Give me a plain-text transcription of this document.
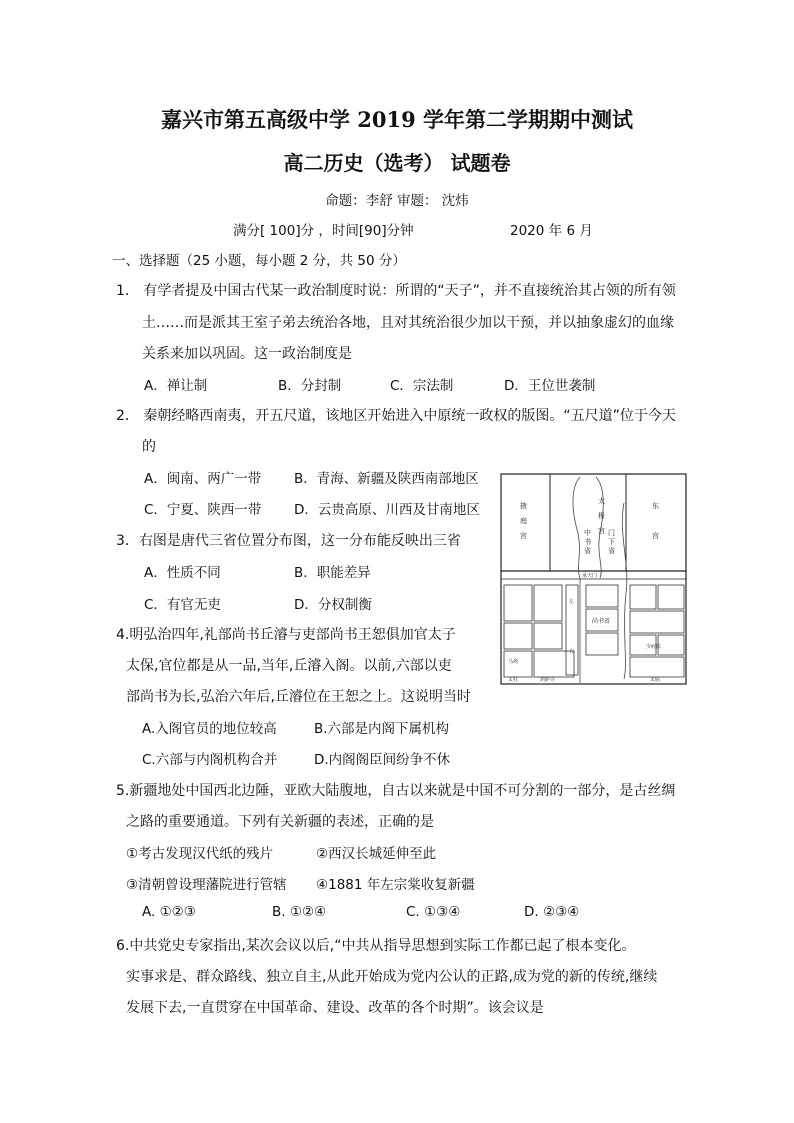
嘉兴市第五高级中学 2019 学年第二学期期中测试
高二历史（选考） 试题卷
命题：李舒 审题： 沈炜
满分[ 100]分 ，时间[90]分钟	2020 年 6 月
一、选择题（25 小题，每小题 2 分，共 50 分）
1． 有学者提及中国古代某一政治制度时说：所谓的“天子”，并不直接统治其占领的所有领
土……而是派其王室子弟去统治各地，且对其统治很少加以干预，并以抽象虚幻的血缘
关系来加以巩固。这一政治制度是
A．禅让制	B．分封制	C．宗法制	D．王位世袭制
2． 秦朝经略西南夷，开五尺道，该地区开始进入中原统一政权的版图。“五尺道”位于今天
的
A．闽南、两广一带 B．青海、新疆及陕西南部地区
C．宁夏、陕西一带 D．云贵高原、川西及甘南地区
3．右图是唐代三省位置分布图，这一分布能反映出三省
A．性质不同	B．职能差异
C．有官无吏	D．分权制衡
4.明弘治四年,礼部尚书丘濬与吏部尚书王恕俱加官太子
太保,官位都是从一品,当年,丘濬入阁。以前,六部以吏
部尚书为长,弘治六年后,丘濬位在王恕之上。这说明当时
A.入阁官员的地位较高	B.六部是内阁下属机构
C.六部与内阁机构合并	D.内阁阁臣间纷争不休
5.新疆地处中国西北边陲，亚欧大陆腹地，自古以来就是中国不可分割的一部分，是古丝绸
之路的重要通道。下列有关新疆的表述，正确的是
①考古发现汉代纸的残片	②西汉长城延伸至此
③清朝曾设理藩院进行管辖 ④1881 年左宗棠收复新疆
A. ①②③	B. ①②④	C. ①③④	D. ②③④
6.中共党史专家指出,某次会议以后,“中共从指导思想到实际工作都已起了根本变化。
实事求是、群众路线、独立自主,从此开始成为党内公认的正路,成为党的新的传统,继续
发展下去,一直贯穿在中国革命、建设、改革的各个时期”。该会议是
掖
庭
宫
太
极
宫
东
宫
中
书
省
门
下
省
承天门
尚书省
马场
太社	鸿胪寺	太庙
少府监
左
右
